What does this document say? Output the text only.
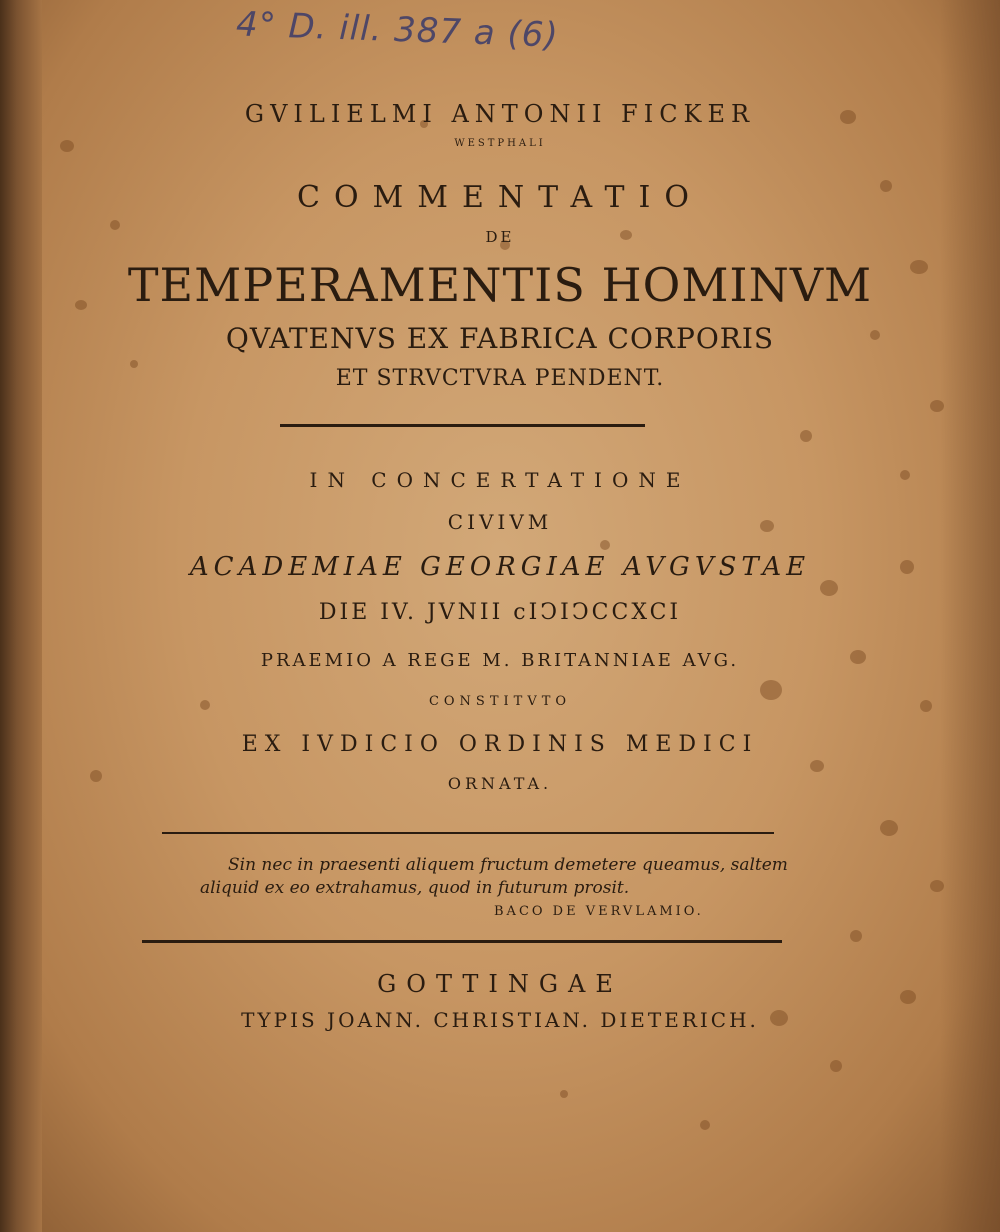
4° D. ill. 387 a (6)
GVILIELMI ANTONII FICKER
WESTPHALI
COMMENTATIO
DE
TEMPERAMENTIS HOMINVM
QVATENVS EX FABRICA CORPORIS
ET STRVCTVRA PENDENT.
IN CONCERTATIONE
CIVIVM
ACADEMIAE GEORGIAE AVGVSTAE
DIE IV. JVNII cIↃIↃCCXCI
PRAEMIO A REGE M. BRITANNIAE AVG.
CONSTITVTO
EX IVDICIO ORDINIS MEDICI
ORNATA.
Sin nec in praesenti aliquem fructum demetere queamus, saltem
aliquid ex eo extrahamus, quod in futurum prosit.
BACO DE VERVLAMIO.
GOTTINGAE
TYPIS JOANN. CHRISTIAN. DIETERICH.
